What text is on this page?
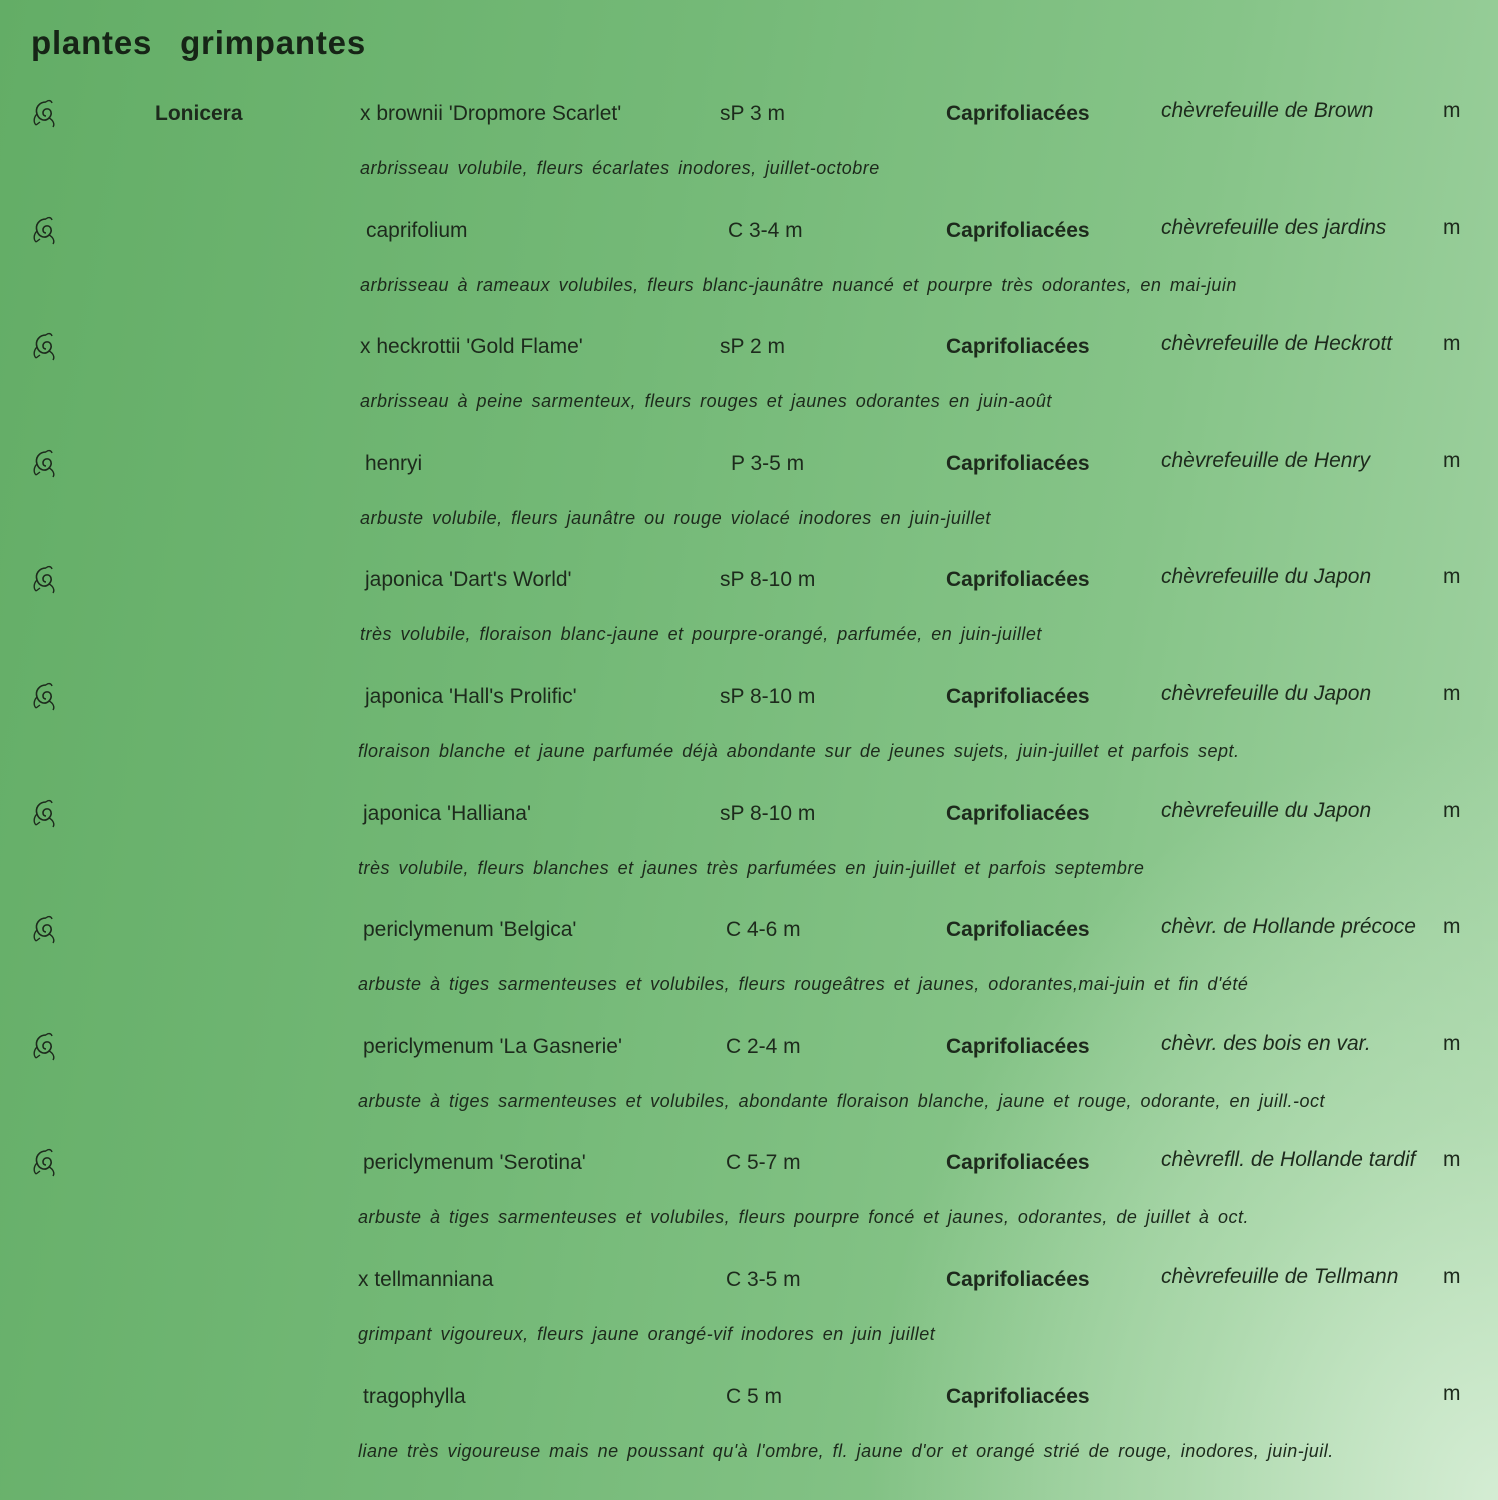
plantes grimpantes
Lonicera	x brownii 'Dropmore Scarlet'	sP 3 m	Caprifoliacées	chèvrefeuille de Brown	m
arbrisseau volubile, fleurs écarlates inodores, juillet-octobre
caprifolium	C 3-4 m	Caprifoliacées	chèvrefeuille des jardins	m
arbrisseau à rameaux volubiles, fleurs blanc-jaunâtre nuancé et pourpre très odorantes, en mai-juin
x heckrottii 'Gold Flame'	sP 2 m	Caprifoliacées	chèvrefeuille de Heckrott m
arbrisseau à peine sarmenteux, fleurs rouges et jaunes odorantes en juin-août
henryi	P 3-5 m	Caprifoliacées	chèvrefeuille de Henry	m
arbuste volubile, fleurs jaunâtre ou rouge violacé inodores en juin-juillet
japonica 'Dart's World'	sP 8-10 m	Caprifoliacées	chèvrefeuille du Japon	m
très volubile, floraison blanc-jaune et pourpre-orangé, parfumée, en juin-juillet
japonica 'Hall's Prolific'	sP 8-10 m	Caprifoliacées	chèvrefeuille du Japon	m
floraison blanche et jaune parfumée déjà abondante sur de jeunes sujets, juin-juillet et parfois sept.
japonica 'Halliana'	sP 8-10 m	Caprifoliacées	chèvrefeuille du Japon	m
très volubile, fleurs blanches et jaunes très parfumées en juin-juillet et parfois septembre
periclymenum 'Belgica'	C 4-6 m	Caprifoliacées	chèvr. de Hollande précoce m
arbuste à tiges sarmenteuses et volubiles, fleurs rougeâtres et jaunes, odorantes,mai-juin et fin d'été
periclymenum 'La Gasnerie'	C 2-4 m	Caprifoliacées	chèvr. des bois en var.	m
arbuste à tiges sarmenteuses et volubiles, abondante floraison blanche, jaune et rouge, odorante, en juill.-oct
periclymenum 'Serotina'	C 5-7 m	Caprifoliacées	chèvrefll. de Hollande tardif m
arbuste à tiges sarmenteuses et volubiles, fleurs pourpre foncé et jaunes, odorantes, de juillet à oct.
x tellmanniana	C 3-5 m	Caprifoliacées	chèvrefeuille de Tellmann m
grimpant vigoureux, fleurs jaune orangé-vif inodores en juin juillet
tragophylla	C 5 m	Caprifoliacées	m
liane très vigoureuse mais ne poussant qu'à l'ombre, fl. jaune d'or et orangé strié de rouge, inodores, juin-juil.
